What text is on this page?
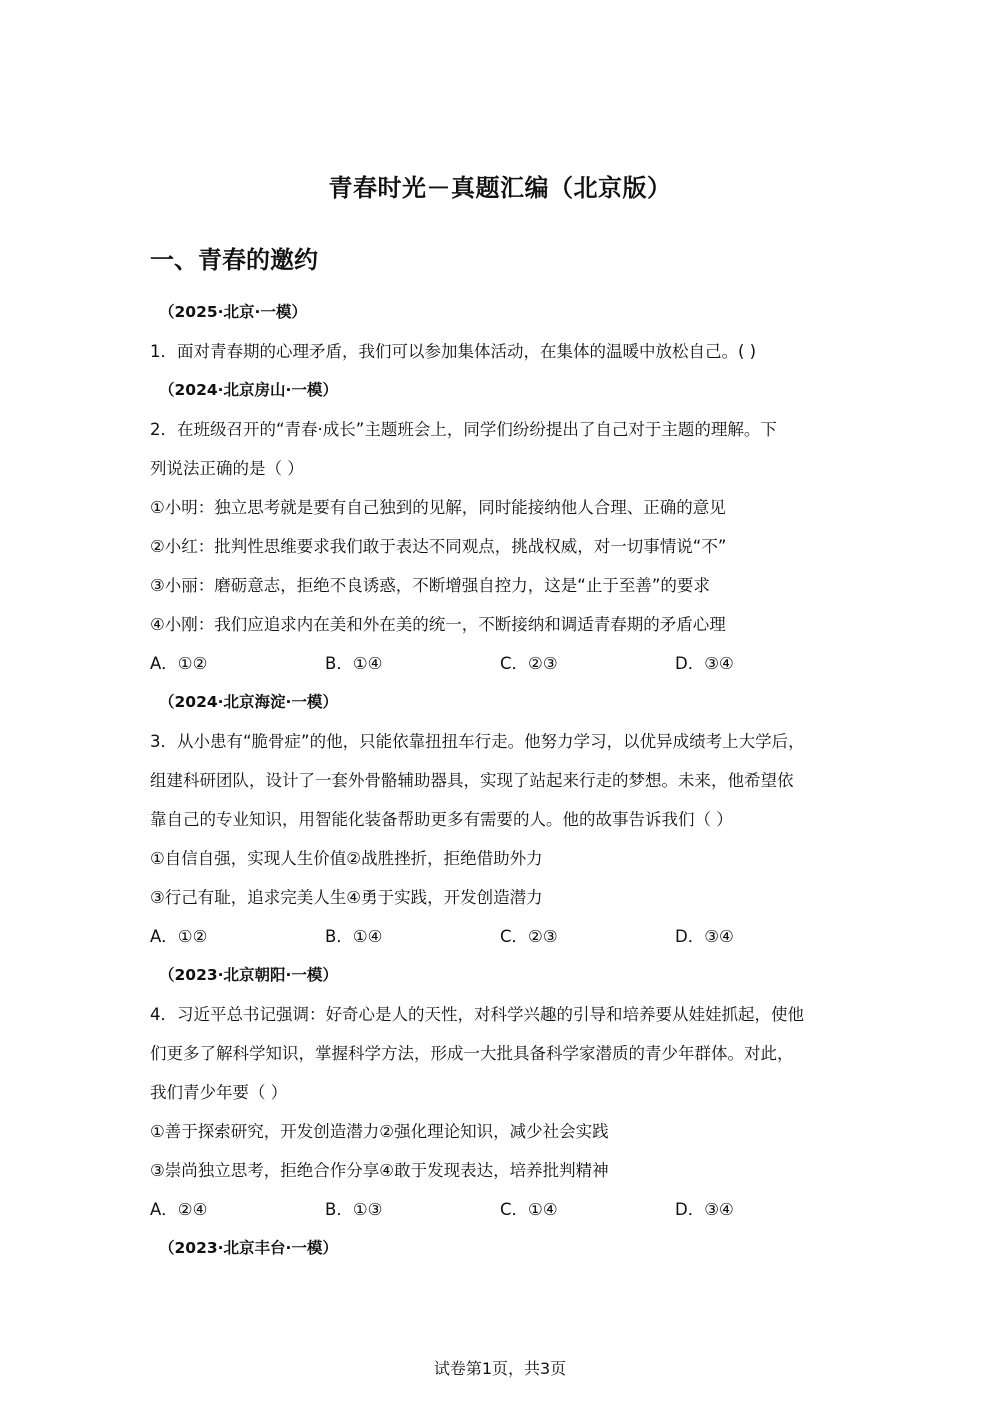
青春时光－真题汇编（北京版）
一、青春的邀约
（2025·北京·一模）
1．面对青春期的心理矛盾，我们可以参加集体活动，在集体的温暖中放松自己。( )
（2024·北京房山·一模）
2．在班级召开的“青春·成长”主题班会上，同学们纷纷提出了自己对于主题的理解。下
列说法正确的是（ ）
①小明：独立思考就是要有自己独到的见解，同时能接纳他人合理、正确的意见
②小红：批判性思维要求我们敢于表达不同观点，挑战权威，对一切事情说“不”
③小丽：磨砺意志，拒绝不良诱惑，不断增强自控力，这是“止于至善”的要求
④小刚：我们应追求内在美和外在美的统一，不断接纳和调适青春期的矛盾心理
A．①②	B．①④	C．②③	D．③④
（2024·北京海淀·一模）
3．从小患有“脆骨症”的他，只能依靠扭扭车行走。他努力学习，以优异成绩考上大学后，
组建科研团队，设计了一套外骨骼辅助器具，实现了站起来行走的梦想。未来，他希望依
靠自己的专业知识，用智能化装备帮助更多有需要的人。他的故事告诉我们（ ）
①自信自强，实现人生价值②战胜挫折，拒绝借助外力
③行己有耻，追求完美人生④勇于实践，开发创造潜力
A．①②	B．①④	C．②③	D．③④
（2023·北京朝阳·一模）
4．习近平总书记强调：好奇心是人的天性，对科学兴趣的引导和培养要从娃娃抓起，使他
们更多了解科学知识，掌握科学方法，形成一大批具备科学家潜质的青少年群体。对此，
我们青少年要（ ）
①善于探索研究，开发创造潜力②强化理论知识，减少社会实践
③崇尚独立思考，拒绝合作分享④敢于发现表达，培养批判精神
A．②④	B．①③	C．①④	D．③④
（2023·北京丰台·一模）
试卷第1页，共3页
